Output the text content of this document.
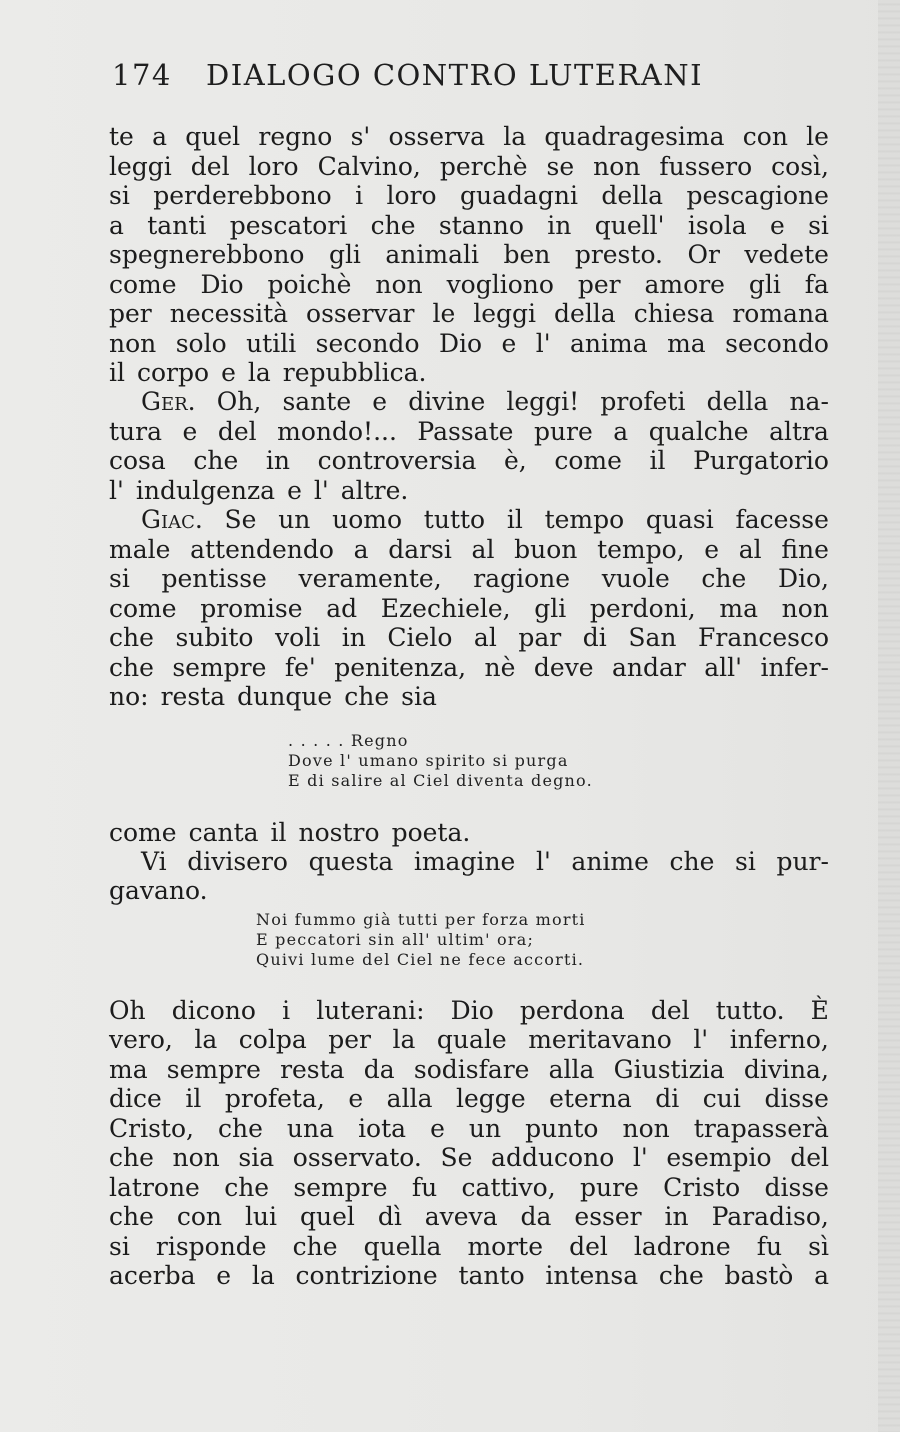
174 DIALOGO CONTRO LUTERANI
te a quel regno s' osserva la quadragesima con le
leggi del loro Calvino, perchè se non fussero così,
si perderebbono i loro guadagni della pescagione
a tanti pescatori che stanno in quell' isola e si
spegnerebbono gli animali ben presto. Or vedete
come Dio poichè non vogliono per amore gli fa
per necessità osservar le leggi della chiesa romana
non solo utili secondo Dio e l' anima ma secondo
il corpo e la repubblica.
Ger. Oh, sante e divine leggi! profeti della na-
tura e del mondo!... Passate pure a qualche altra
cosa che in controversia è, come il Purgatorio
l' indulgenza e l' altre.
Giac. Se un uomo tutto il tempo quasi facesse
male attendendo a darsi al buon tempo, e al fine
si pentisse veramente, ragione vuole che Dio,
come promise ad Ezechiele, gli perdoni, ma non
che subito voli in Cielo al par di San Francesco
che sempre fe' penitenza, nè deve andar all' infer-
no: resta dunque che sia
. . . . . Regno
Dove l' umano spirito si purga
E di salire al Ciel diventa degno.
come canta il nostro poeta.
Vi divisero questa imagine l' anime che si pur-
gavano.
Noi fummo già tutti per forza morti
E peccatori sin all' ultim' ora;
Quivi lume del Ciel ne fece accorti.
Oh dicono i luterani: Dio perdona del tutto. È
vero, la colpa per la quale meritavano l' inferno,
ma sempre resta da sodisfare alla Giustizia divina,
dice il profeta, e alla legge eterna di cui disse
Cristo, che una iota e un punto non trapasserà
che non sia osservato. Se adducono l' esempio del
latrone che sempre fu cattivo, pure Cristo disse
che con lui quel dì aveva da esser in Paradiso,
si risponde che quella morte del ladrone fu sì
acerba e la contrizione tanto intensa che bastò a
